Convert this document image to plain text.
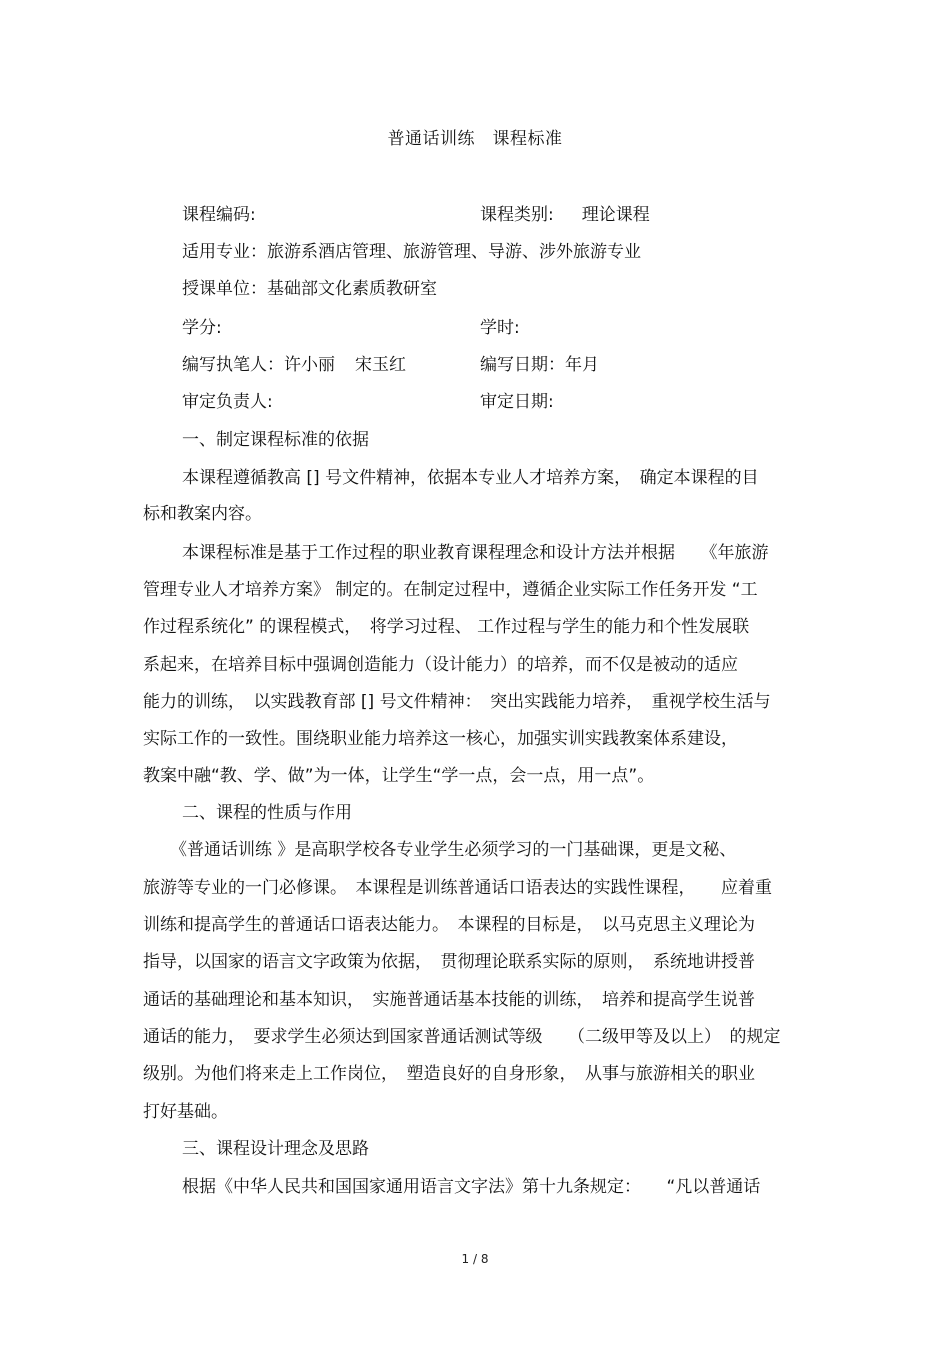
普通话训练　课程标准
课程编码:	课程类别: 理论课程
适用专业：旅游系酒店管理、旅游管理、导游、涉外旅游专业
授课单位：基础部文化素质教研室
学分:	学时:
编写执笔人：许小丽 宋玉红	编写日期：年月
审定负责人:	审定日期:
一、制定课程标准的依据
本课程遵循教高 [] 号文件精神，依据本专业人才培养方案，　确定本课程的目
标和教案内容。
本课程标准是基于工作过程的职业教育课程理念和设计方法并根据　　《年旅游
管理专业人才培养方案》 制定的。在制定过程中，遵循企业实际工作任务开发 “工
作过程系统化” 的课程模式，　将学习过程、 工作过程与学生的能力和个性发展联
系起来，在培养目标中强调创造能力（设计能力）的培养，而不仅是被动的适应
能力的训练，　以实践教育部 [] 号文件精神：　突出实践能力培养，　重视学校生活与
实际工作的一致性。围绕职业能力培养这一核心，加强实训实践教案体系建设，
教案中融“教、学、做”为一体，让学生“学一点，会一点，用一点”。
二、课程的性质与作用
《普通话训练 》是高职学校各专业学生必须学习的一门基础课，更是文秘、
旅游等专业的一门必修课。　本课程是训练普通话口语表达的实践性课程，　　应着重
训练和提高学生的普通话口语表达能力。　本课程的目标是，　以马克思主义理论为
指导，以国家的语言文字政策为依据，　贯彻理论联系实际的原则，　系统地讲授普
通话的基础理论和基本知识，　实施普通话基本技能的训练，　培养和提高学生说普
通话的能力，　要求学生必须达到国家普通话测试等级　　（二级甲等及以上）　的规定
级别。为他们将来走上工作岗位，　塑造良好的自身形象，　从事与旅游相关的职业
打好基础。
三、课程设计理念及思路
根据《中华人民共和国国家通用语言文字法》第十九条规定：　　“凡以普通话
1 / 8
